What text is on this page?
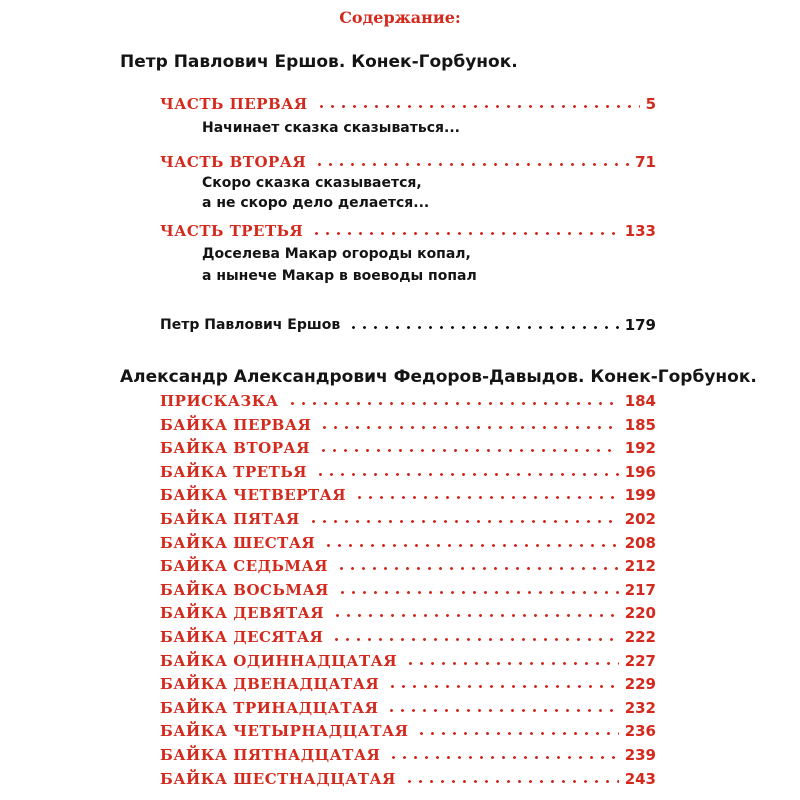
Содержание:
Петр Павлович Ершов. Конек-Горбунок.
ЧАСТЬ ПЕРВАЯ	5
Начинает сказка сказываться...
ЧАСТЬ ВТОРАЯ	71
Скоро сказка сказывается,
а не скоро дело делается...
ЧАСТЬ ТРЕТЬЯ	133
Доселева Макар огороды копал,
а нынече Макар в воеводы попал
Петр Павлович Ершов	179
Александр Александрович Федоров-Давыдов. Конек-Горбунок.
ПРИСКАЗКА	184
БАЙКА ПЕРВАЯ	185
БАЙКА ВТОРАЯ	192
БАЙКА ТРЕТЬЯ	196
БАЙКА ЧЕТВЕРТАЯ	199
БАЙКА ПЯТАЯ	202
БАЙКА ШЕСТАЯ	208
БАЙКА СЕДЬМАЯ	212
БАЙКА ВОСЬМАЯ	217
БАЙКА ДЕВЯТАЯ	220
БАЙКА ДЕСЯТАЯ	222
БАЙКА ОДИННАДЦАТАЯ	227
БАЙКА ДВЕНАДЦАТАЯ	229
БАЙКА ТРИНАДЦАТАЯ	232
БАЙКА ЧЕТЫРНАДЦАТАЯ	236
БАЙКА ПЯТНАДЦАТАЯ	239
БАЙКА ШЕСТНАДЦАТАЯ	243
